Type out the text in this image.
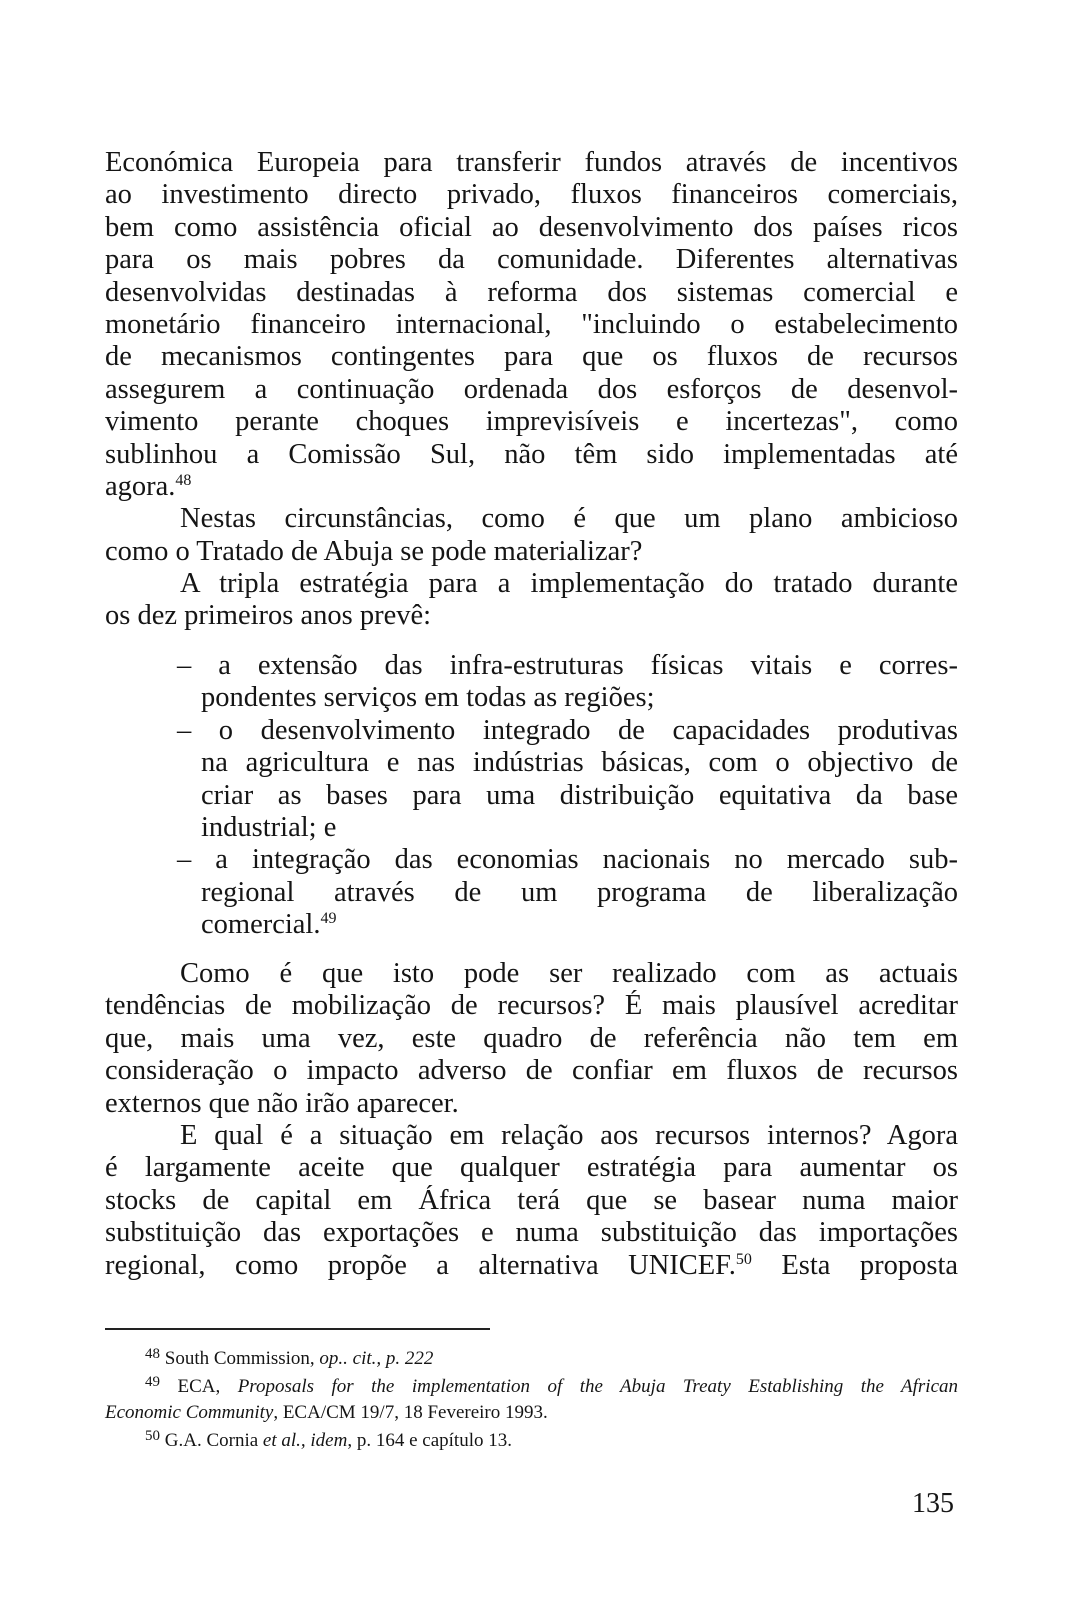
Económica Europeia para transferir fundos através de incentivos
ao investimento directo privado, fluxos financeiros comerciais,
bem como assistência oficial ao desenvolvimento dos países ricos
para os mais pobres da comunidade. Diferentes alternativas
desenvolvidas destinadas à reforma dos sistemas comercial e
monetário financeiro internacional, "incluindo o estabelecimento
de mecanismos contingentes para que os fluxos de recursos
assegurem a continuação ordenada dos esforços de desenvol-
vimento perante choques imprevisíveis e incertezas", como
sublinhou a Comissão Sul, não têm sido implementadas até
agora.$^{48}$
Nestas circunstâncias, como é que um plano ambicioso
como o Tratado de Abuja se pode materializar?
A tripla estratégia para a implementação do tratado durante
os dez primeiros anos prevê:
– a extensão das infra-estruturas físicas vitais e corres-
pondentes serviços em todas as regiões;
– o desenvolvimento integrado de capacidades produtivas
na agricultura e nas indústrias básicas, com o objectivo de
criar as bases para uma distribuição equitativa da base
industrial; e
– a integração das economias nacionais no mercado sub-
regional através de um programa de liberalização
comercial.$^{49}$
Como é que isto pode ser realizado com as actuais
tendências de mobilização de recursos? É mais plausível acreditar
que, mais uma vez, este quadro de referência não tem em
consideração o impacto adverso de confiar em fluxos de recursos
externos que não irão aparecer.
E qual é a situação em relação aos recursos internos? Agora
é largamente aceite que qualquer estratégia para aumentar os
stocks de capital em África terá que se basear numa maior
substituição das exportações e numa substituição das importações
regional, como propõe a alternativa UNICEF.$^{50}$ Esta proposta
$^{48}$ South Commission, op.. cit., p. 222
$^{49}$ ECA, Proposals for the implementation of the Abuja Treaty Establishing the African
Economic Community, ECA/CM 19/7, 18 Fevereiro 1993.
$^{50}$ G.A. Cornia et al., idem, p. 164 e capítulo 13.
135
